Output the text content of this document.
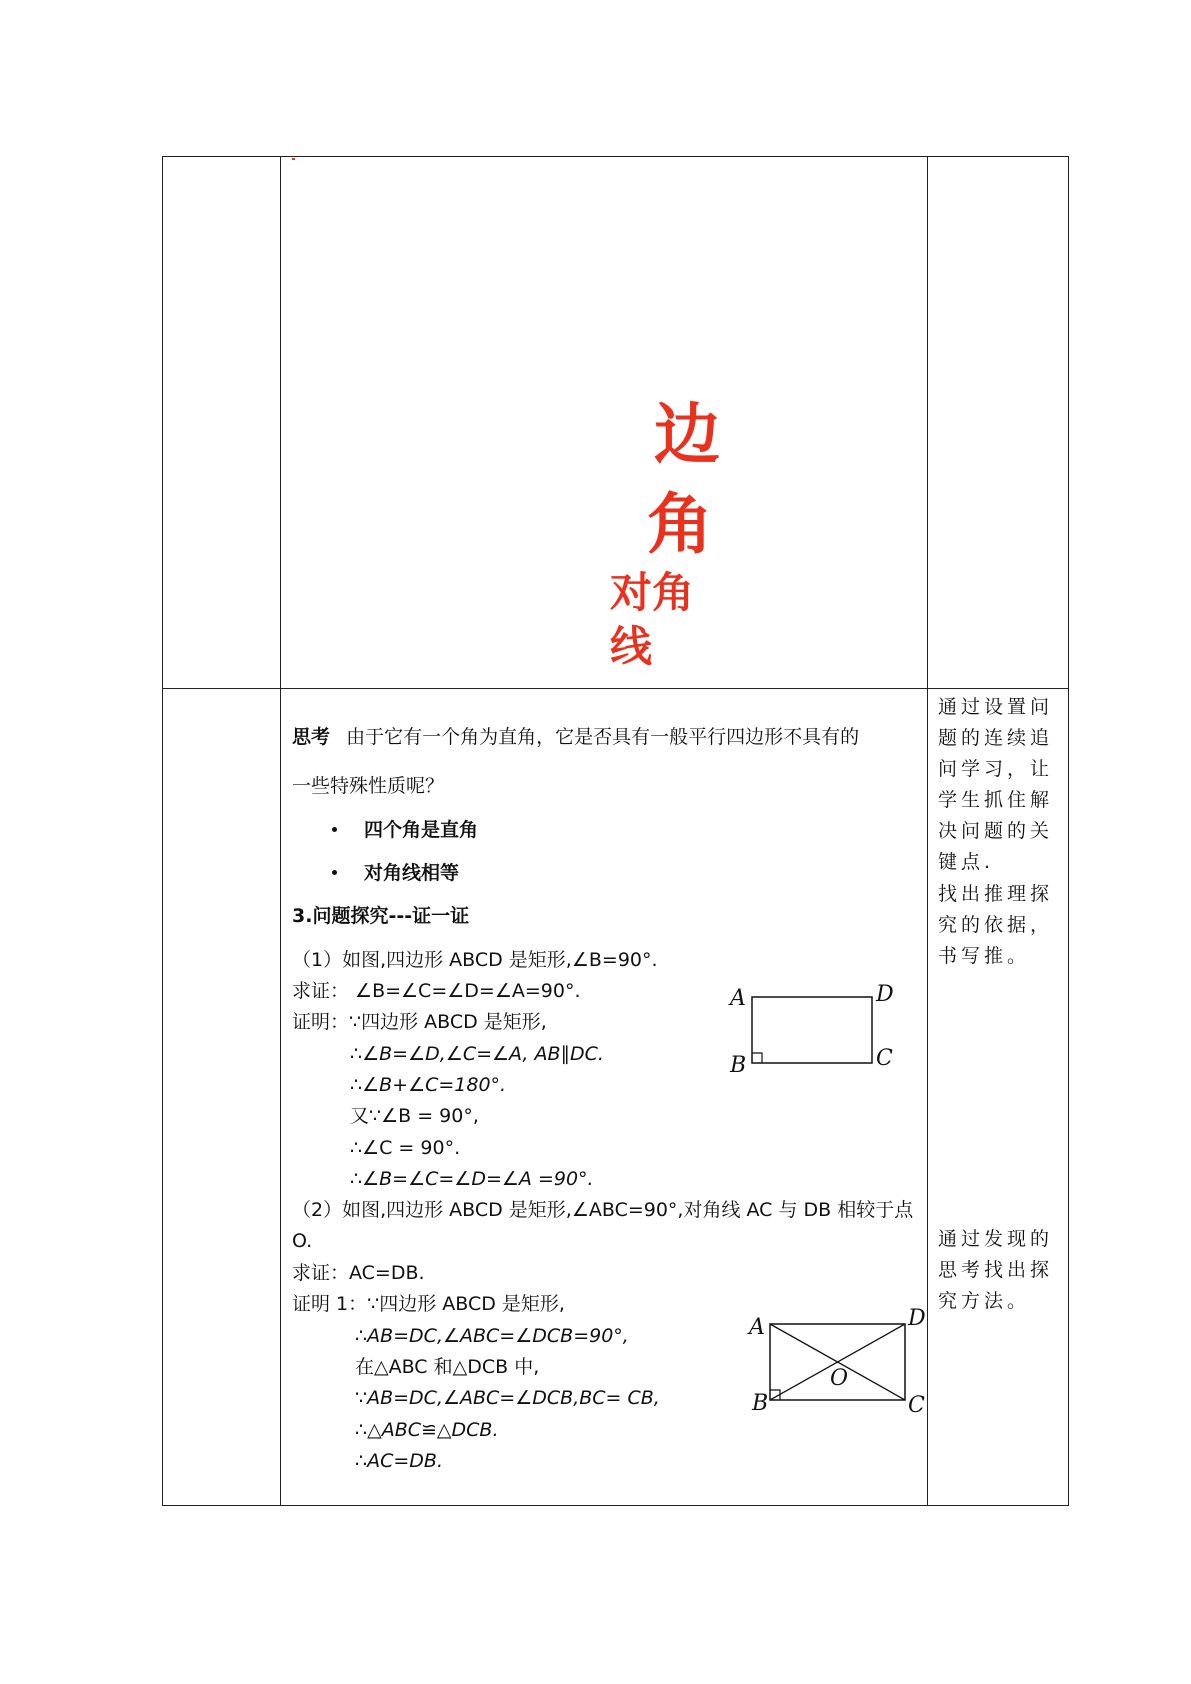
边
角
对角
线
思考 由于它有一个角为直角，它是否具有一般平行四边形不具有的
一些特殊性质呢？
四个角是直角
对角线相等
3.问题探究---证一证
（1）如图,四边形 ABCD 是矩形,∠B=90°.
求证： ∠B=∠C=∠D=∠A=90°.
证明：∵四边形 ABCD 是矩形,
∴∠B=∠D,∠C=∠A, AB∥DC.
∴∠B+∠C=180°.
又∵∠B = 90°,
∴∠C = 90°.
∴∠B=∠C=∠D=∠A =90°.
（2）如图,四边形 ABCD 是矩形,∠ABC=90°,对角线 AC 与 DB 相较于点
O.
求证：AC=DB.
证明 1：∵四边形 ABCD 是矩形,
∴AB=DC,∠ABC=∠DCB=90°,
在△ABC 和△DCB 中,
∵AB=DC,∠ABC=∠DCB,BC= CB,
∴△ABC≌△DCB.
∴AC=DB.
A	D
B	C
A	D
O
B	C
通过设置问题的连续追问学习，让学生抓住解决问题的关键点.
找出推理探究的依据，书写推。
通过发现的思考找出探究方法。
